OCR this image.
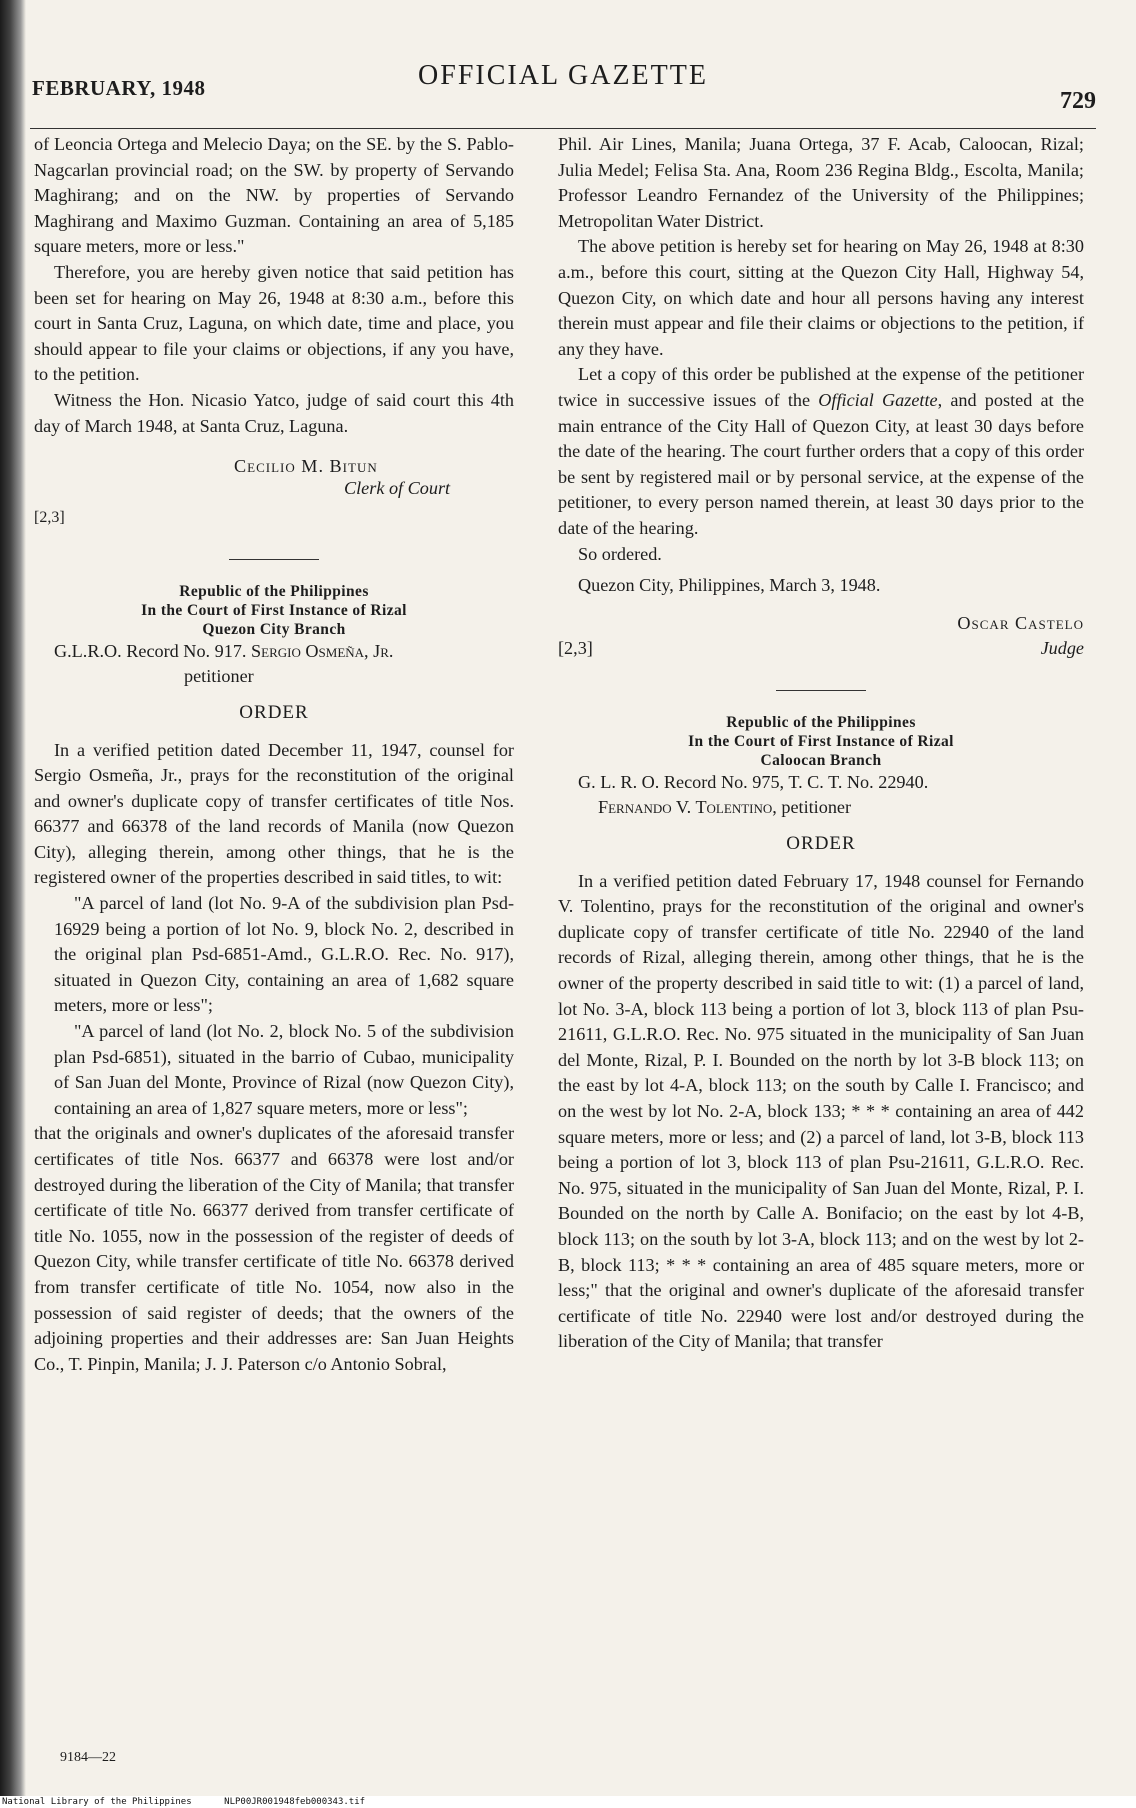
FEBRUARY, 1948	OFFICIAL GAZETTE
729

of Leoncia Ortega and Melecio Daya; on the SE. by the S. Pablo-Nagcarlan provincial road; on the SW. by property of Servando Maghirang; and on the NW. by properties of Servando Maghirang and Maximo Guzman. Containing an area of 5,185 square meters, more or less."

Therefore, you are hereby given notice that said petition has been set for hearing on May 26, 1948 at 8:30 a.m., before this court in Santa Cruz, Laguna, on which date, time and place, you should appear to file your claims or objections, if any you have, to the petition.

Witness the Hon. Nicasio Yatco, judge of said court this 4th day of March 1948, at Santa Cruz, Laguna.

Cecilio M. Bitun
Clerk of Court
[2,3]
Republic of the Philippines
In the Court of First Instance of Rizal
Quezon City Branch

G.L.R.O. Record No. 917. Sergio Osmeña, Jr.
petitioner

ORDER

In a verified petition dated December 11, 1947, counsel for Sergio Osmeña, Jr., prays for the reconstitution of the original and owner's duplicate copy of transfer certificates of title Nos. 66377 and 66378 of the land records of Manila (now Quezon City), alleging therein, among other things, that he is the registered owner of the properties described in said titles, to wit:

"A parcel of land (lot No. 9-A of the subdivision plan Psd-16929 being a portion of lot No. 9, block No. 2, described in the original plan Psd-6851-Amd., G.L.R.O. Rec. No. 917), situated in Quezon City, containing an area of 1,682 square meters, more or less";

"A parcel of land (lot No. 2, block No. 5 of the subdivision plan Psd-6851), situated in the barrio of Cubao, municipality of San Juan del Monte, Province of Rizal (now Quezon City), containing an area of 1,827 square meters, more or less";

that the originals and owner's duplicates of the aforesaid transfer certificates of title Nos. 66377 and 66378 were lost and/or destroyed during the liberation of the City of Manila; that transfer certificate of title No. 66377 derived from transfer certificate of title No. 1055, now in the possession of the register of deeds of Quezon City, while transfer certificate of title No. 66378 derived from transfer certificate of title No. 1054, now also in the possession of said register of deeds; that the owners of the adjoining properties and their addresses are: San Juan Heights Co., T. Pinpin, Manila; J. J. Paterson c/o Antonio Sobral,

Phil. Air Lines, Manila; Juana Ortega, 37 F. Acab, Caloocan, Rizal; Julia Medel; Felisa Sta. Ana, Room 236 Regina Bldg., Escolta, Manila; Professor Leandro Fernandez of the University of the Philippines; Metropolitan Water District.

The above petition is hereby set for hearing on May 26, 1948 at 8:30 a.m., before this court, sitting at the Quezon City Hall, Highway 54, Quezon City, on which date and hour all persons having any interest therein must appear and file their claims or objections to the petition, if any they have.

Let a copy of this order be published at the expense of the petitioner twice in successive issues of the Official Gazette, and posted at the main entrance of the City Hall of Quezon City, at least 30 days before the date of the hearing. The court further orders that a copy of this order be sent by registered mail or by personal service, at the expense of the petitioner, to every person named therein, at least 30 days prior to the date of the hearing.

So ordered.

Quezon City, Philippines, March 3, 1948.

[2,3]
Oscar Castelo
Judge
Republic of the Philippines
In the Court of First Instance of Rizal
Caloocan Branch

G. L. R. O. Record No. 975, T. C. T. No. 22940.
Fernando V. Tolentino, petitioner

ORDER

In a verified petition dated February 17, 1948 counsel for Fernando V. Tolentino, prays for the reconstitution of the original and owner's duplicate copy of transfer certificate of title No. 22940 of the land records of Rizal, alleging therein, among other things, that he is the owner of the property described in said title to wit: (1) a parcel of land, lot No. 3-A, block 113 being a portion of lot 3, block 113 of plan Psu-21611, G.L.R.O. Rec. No. 975 situated in the municipality of San Juan del Monte, Rizal, P. I. Bounded on the north by lot 3-B block 113; on the east by lot 4-A, block 113; on the south by Calle I. Francisco; and on the west by lot No. 2-A, block 133; * * * containing an area of 442 square meters, more or less; and (2) a parcel of land, lot 3-B, block 113 being a portion of lot 3, block 113 of plan Psu-21611, G.L.R.O. Rec. No. 975, situated in the municipality of San Juan del Monte, Rizal, P. I. Bounded on the north by Calle A. Bonifacio; on the east by lot 4-B, block 113; on the south by lot 3-A, block 113; and on the west by lot 2-B, block 113; * * * containing an area of 485 square meters, more or less;" that the original and owner's duplicate of the aforesaid transfer certificate of title No. 22940 were lost and/or destroyed during the liberation of the City of Manila; that transfer

9184—22
National Library of the Philippines	NLP00JR001948feb000343.tif
